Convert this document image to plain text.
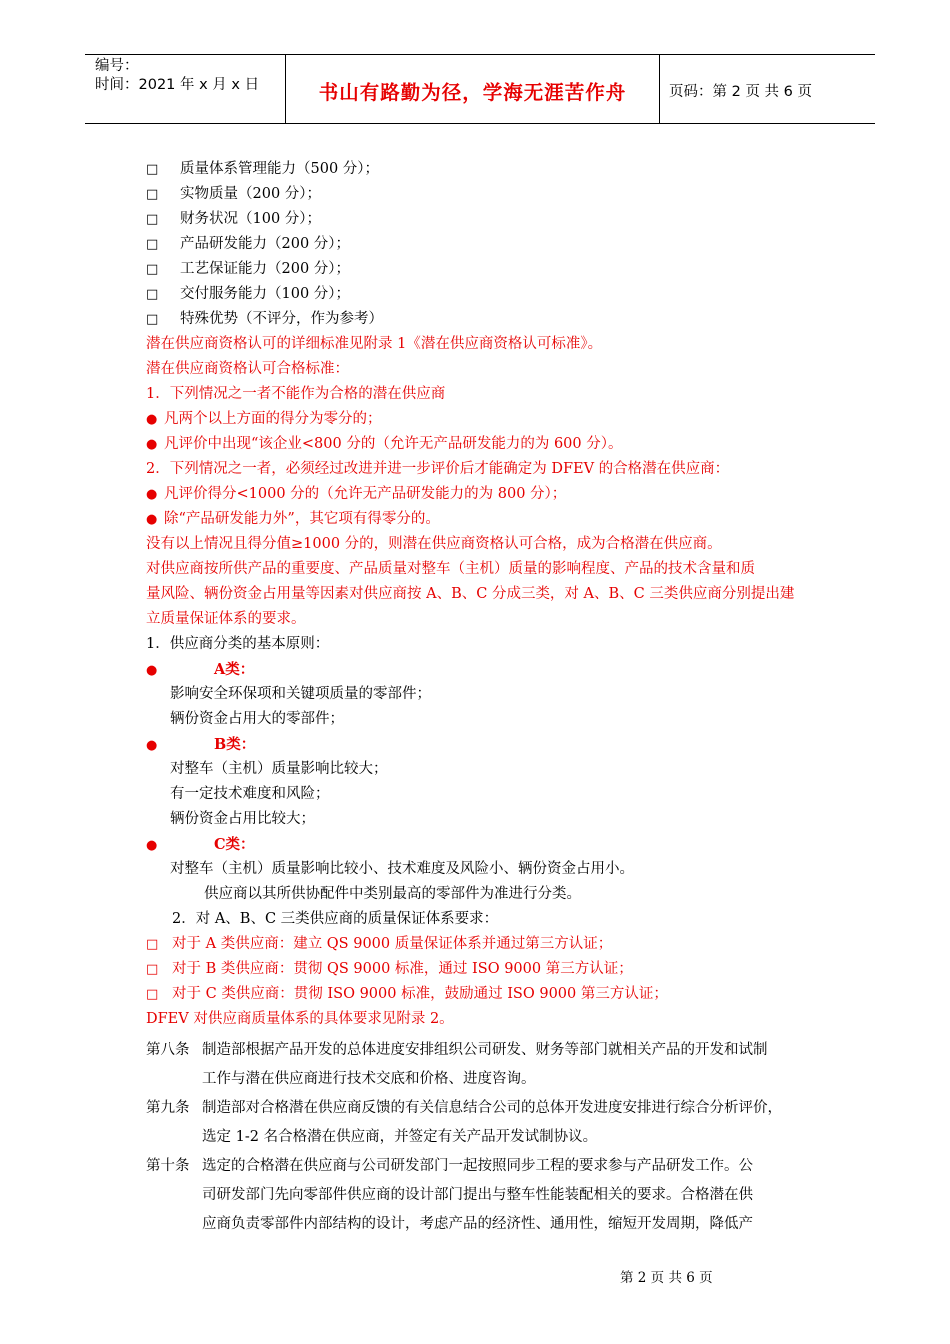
编号：
时间：2021 年 x 月 x 日	书山有路勤为径，学海无涯苦作舟	页码：第 2 页 共 6 页
□ 质量体系管理能力（500 分）；
□ 实物质量（200 分）；
□ 财务状况（100 分）；
□ 产品研发能力（200 分）；
□ 工艺保证能力（200 分）；
□ 交付服务能力（100 分）；
□ 特殊优势（不评分，作为参考）
潜在供应商资格认可的详细标准见附录 1《潜在供应商资格认可标准》。
潜在供应商资格认可合格标准：
1．下列情况之一者不能作为合格的潜在供应商
● 凡两个以上方面的得分为零分的；
● 凡评价中出现“该企业<800 分的（允许无产品研发能力的为 600 分）。
2．下列情况之一者，必须经过改进并进一步评价后才能确定为 DFEV 的合格潜在供应商：
● 凡评价得分<1000 分的（允许无产品研发能力的为 800 分）；
● 除“产品研发能力外”，其它项有得零分的。
没有以上情况且得分值≥1000 分的，则潜在供应商资格认可合格，成为合格潜在供应商。
对供应商按所供产品的重要度、产品质量对整车（主机）质量的影响程度、产品的技术含量和质
量风险、辆份资金占用量等因素对供应商按 A、B、C 分成三类，对 A、B、C 三类供应商分别提出建
立质量保证体系的要求。
1．供应商分类的基本原则：
●	A类：
影响安全环保项和关键项质量的零部件；
辆份资金占用大的零部件；
●	B类：
对整车（主机）质量影响比较大；
有一定技术难度和风险；
辆份资金占用比较大；
●	C类：
对整车（主机）质量影响比较小、技术难度及风险小、辆份资金占用小。
供应商以其所供协配件中类别最高的零部件为准进行分类。
2．对 A、B、C 三类供应商的质量保证体系要求：
□ 对于 A 类供应商：建立 QS 9000 质量保证体系并通过第三方认证；
□ 对于 B 类供应商：贯彻 QS 9000 标准，通过 ISO 9000 第三方认证；
□ 对于 C 类供应商：贯彻 ISO 9000 标准，鼓励通过 ISO 9000 第三方认证；
DFEV 对供应商质量体系的具体要求见附录 2。
第八条 制造部根据产品开发的总体进度安排组织公司研发、财务等部门就相关产品的开发和试制
工作与潜在供应商进行技术交底和价格、进度咨询。
第九条 制造部对合格潜在供应商反馈的有关信息结合公司的总体开发进度安排进行综合分析评价，
选定 1-2 名合格潜在供应商，并签定有关产品开发试制协议。
第十条 选定的合格潜在供应商与公司研发部门一起按照同步工程的要求参与产品研发工作。公
司研发部门先向零部件供应商的设计部门提出与整车性能装配相关的要求。合格潜在供
应商负责零部件内部结构的设计，考虑产品的经济性、通用性，缩短开发周期，降低产
第 2 页 共 6 页
